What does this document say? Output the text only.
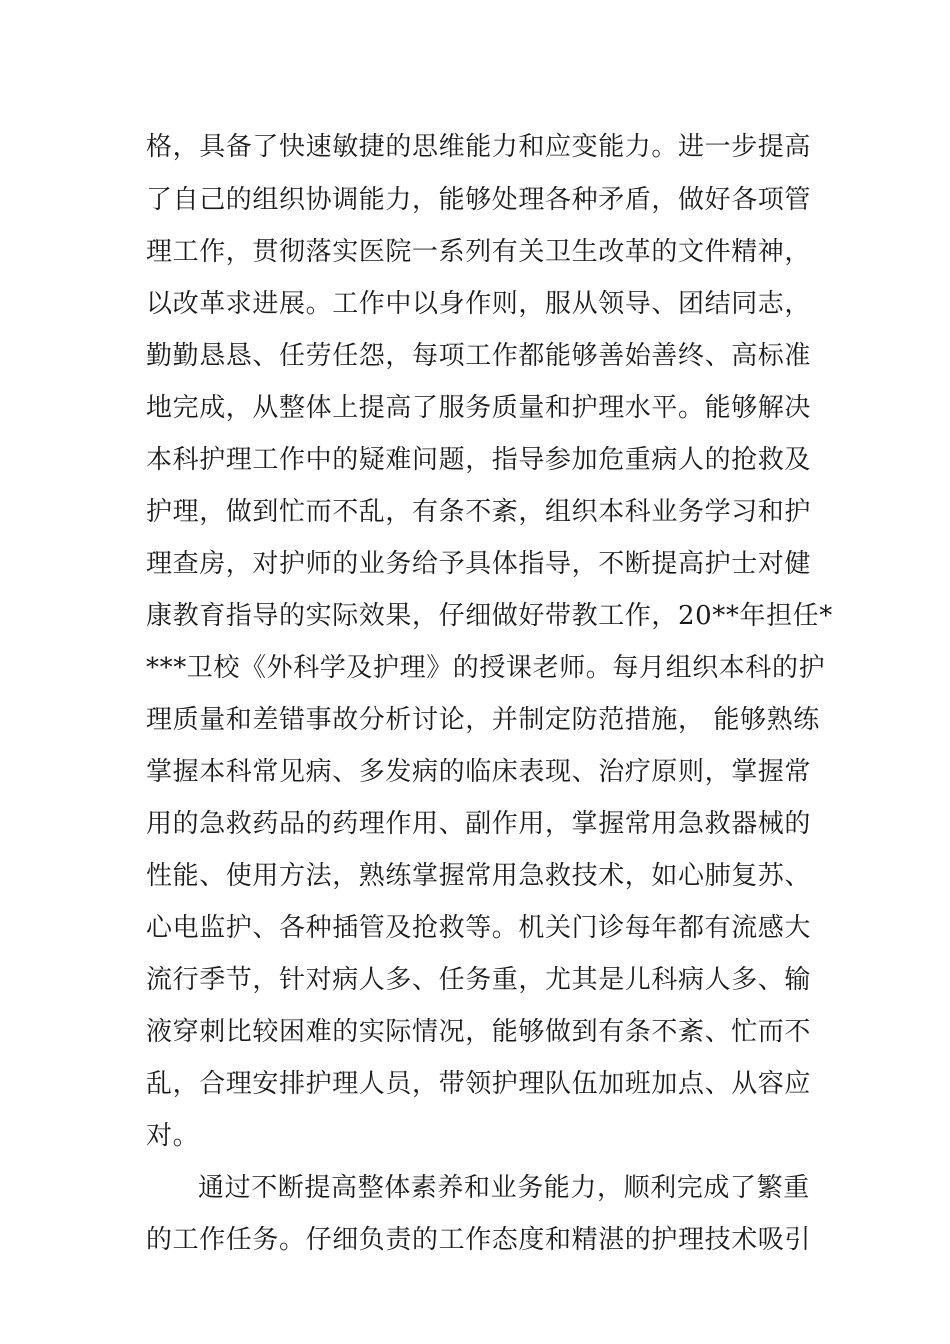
格，具备了快速敏捷的思维能力和应变能力。进一步提高
了自己的组织协调能力，能够处理各种矛盾，做好各项管
理工作，贯彻落实医院一系列有关卫生改革的文件精神，
以改革求进展。工作中以身作则，服从领导、团结同志，
勤勤恳恳、任劳任怨，每项工作都能够善始善终、高标准
地完成，从整体上提高了服务质量和护理水平。能够解决
本科护理工作中的疑难问题，指导参加危重病人的抢救及
护理，做到忙而不乱，有条不紊，组织本科业务学习和护
理查房，对护师的业务给予具体指导，不断提高护士对健
康教育指导的实际效果，仔细做好带教工作，20**年担任*
***卫校《外科学及护理》的授课老师。每月组织本科的护
理质量和差错事故分析讨论，并制定防范措施， 能够熟练
掌握本科常见病、多发病的临床表现、治疗原则，掌握常
用的急救药品的药理作用、副作用，掌握常用急救器械的
性能、使用方法，熟练掌握常用急救技术，如心肺复苏、
心电监护、各种插管及抢救等。机关门诊每年都有流感大
流行季节，针对病人多、任务重，尤其是儿科病人多、输
液穿刺比较困难的实际情况，能够做到有条不紊、忙而不
乱，合理安排护理人员，带领护理队伍加班加点、从容应
对。
通过不断提高整体素养和业务能力，顺利完成了繁重
的工作任务。仔细负责的工作态度和精湛的护理技术吸引
